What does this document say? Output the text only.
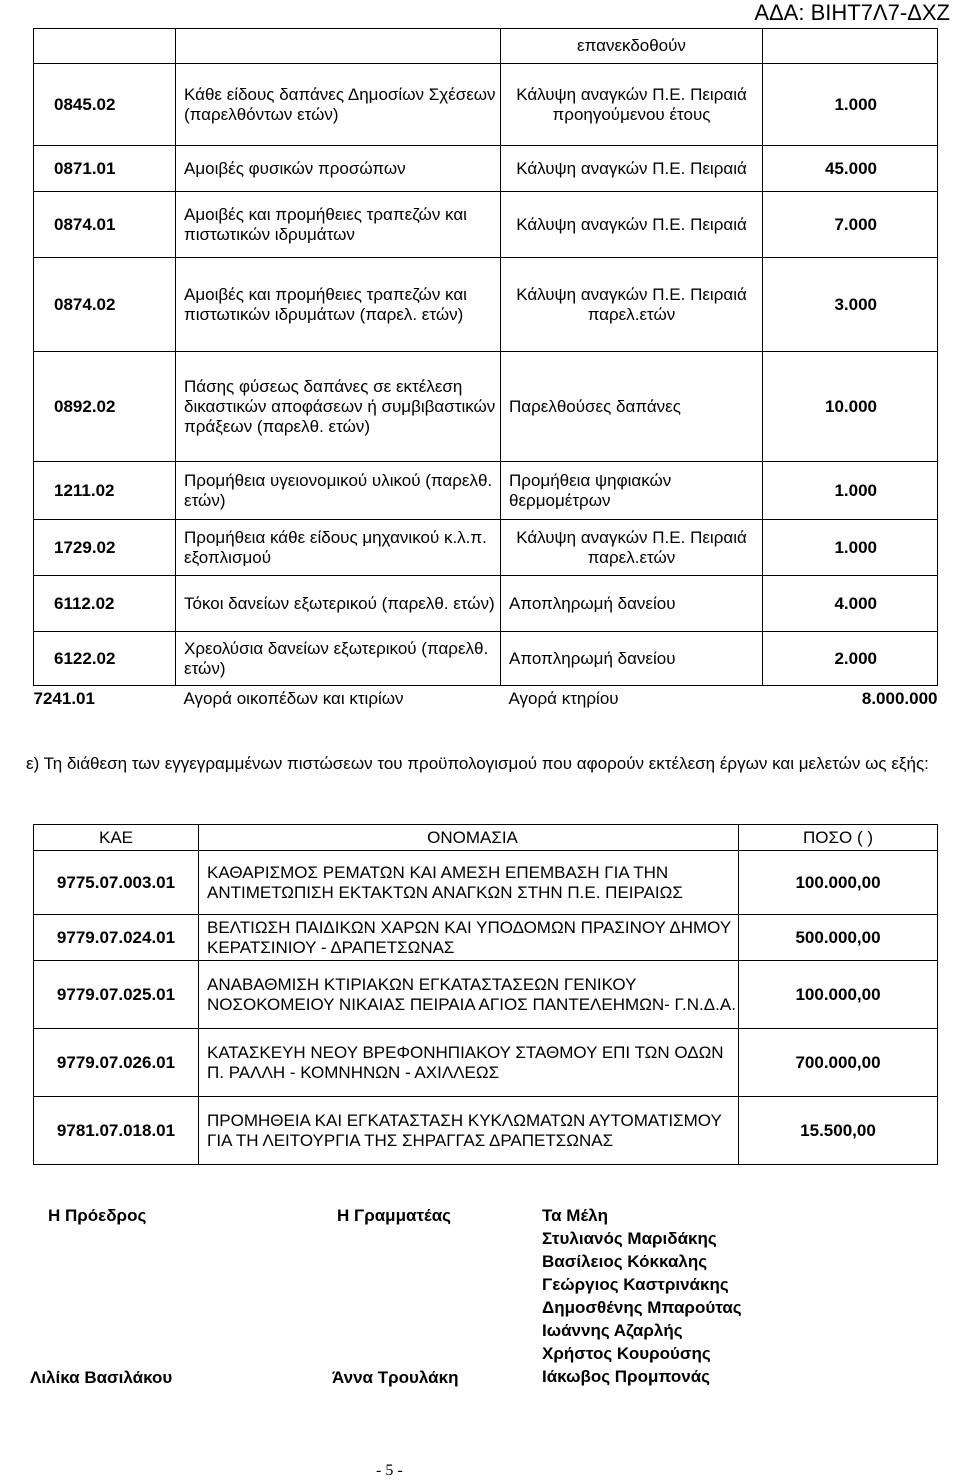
ΑΔΑ: ΒΙΗΤ7Λ7-ΔΧΖ
		επανεκδοθούν	
0845.02	Κάθε είδους δαπάνες Δημοσίων Σχέσεων (παρελθόντων ετών)	Κάλυψη αναγκών Π.Ε. Πειραιά προηγούμενου έτους	1.000
0871.01	Αμοιβές φυσικών προσώπων	Κάλυψη αναγκών Π.Ε. Πειραιά	45.000
0874.01	Αμοιβές και προμήθειες τραπεζών και πιστωτικών ιδρυμάτων	Κάλυψη αναγκών Π.Ε. Πειραιά	7.000
0874.02	Αμοιβές και προμήθειες τραπεζών και πιστωτικών ιδρυμάτων (παρελ. ετών)	Κάλυψη αναγκών Π.Ε. Πειραιά παρελ.ετών	3.000
0892.02	Πάσης φύσεως δαπάνες σε εκτέλεση δικαστικών αποφάσεων ή συμβιβαστικών πράξεων (παρελθ. ετών)	Παρελθούσες δαπάνες	10.000
1211.02	Προμήθεια υγειονομικού υλικού (παρελθ. ετών)	Προμήθεια ψηφιακών θερμομέτρων	1.000
1729.02	Προμήθεια κάθε είδους μηχανικού κ.λ.π. εξοπλισμού	Κάλυψη αναγκών Π.Ε. Πειραιά παρελ.ετών	1.000
6112.02	Τόκοι δανείων εξωτερικού (παρελθ. ετών)	Αποπληρωμή δανείου	4.000
6122.02	Χρεολύσια δανείων εξωτερικού (παρελθ. ετών)	Αποπληρωμή δανείου	2.000
7241.01	Αγορά οικοπέδων και κτιρίων	Αγορά κτηρίου	8.000.000

ε) Τη διάθεση των εγγεγραμμένων πιστώσεων του προϋπολογισμού που αφορούν εκτέλεση έργων και μελετών ως εξής:

ΚΑΕ	ΟΝΟΜΑΣΙΑ	ΠΟΣΟ ( )
9775.07.003.01	ΚΑΘΑΡΙΣΜΟΣ ΡΕΜΑΤΩΝ ΚΑΙ ΑΜΕΣΗ ΕΠΕΜΒΑΣΗ ΓΙΑ ΤΗΝ ΑΝΤΙΜΕΤΩΠΙΣΗ ΕΚΤΑΚΤΩΝ ΑΝΑΓΚΩΝ ΣΤΗΝ Π.Ε. ΠΕΙΡΑΙΩΣ	100.000,00
9779.07.024.01	ΒΕΛΤΙΩΣΗ ΠΑΙΔΙΚΩΝ ΧΑΡΩΝ ΚΑΙ ΥΠΟΔΟΜΩΝ ΠΡΑΣΙΝΟΥ ΔΗΜΟΥ ΚΕΡΑΤΣΙΝΙΟΥ - ΔΡΑΠΕΤΣΩΝΑΣ	500.000,00
9779.07.025.01	ΑΝΑΒΑΘΜΙΣΗ ΚΤΙΡΙΑΚΩΝ ΕΓΚΑΤΑΣΤΑΣΕΩΝ ΓΕΝΙΚΟΥ ΝΟΣΟΚΟΜΕΙΟΥ ΝΙΚΑΙΑΣ ΠΕΙΡΑΙΑ ΑΓΙΟΣ ΠΑΝΤΕΛΕΗΜΩΝ- Γ.Ν.Δ.Α.	100.000,00
9779.07.026.01	ΚΑΤΑΣΚΕΥΗ ΝΕΟΥ ΒΡΕΦΟΝΗΠΙΑΚΟΥ ΣΤΑΘΜΟΥ ΕΠΙ ΤΩΝ ΟΔΩΝ Π. ΡΑΛΛΗ - ΚΟΜΝΗΝΩΝ - ΑΧΙΛΛΕΩΣ	700.000,00
9781.07.018.01	ΠΡΟΜΗΘΕΙΑ ΚΑΙ ΕΓΚΑΤΑΣΤΑΣΗ ΚΥΚΛΩΜΑΤΩΝ ΑΥΤΟΜΑΤΙΣΜΟΥ ΓΙΑ ΤΗ ΛΕΙΤΟΥΡΓΙΑ ΤΗΣ ΣΗΡΑΓΓΑΣ ΔΡΑΠΕΤΣΩΝΑΣ	15.500,00
Η Πρόεδρος
Λιλίκα Βασιλάκου
Η Γραμματέας
Άννα Τρουλάκη
Τα Μέλη
Στυλιανός Μαριδάκης
Βασίλειος Κόκκαλης
Γεώργιος Καστρινάκης
Δημοσθένης Μπαρούτας
Ιωάννης Αζαρλής
Χρήστος Κουρούσης
Ιάκωβος Προμπονάς
- 5 -
